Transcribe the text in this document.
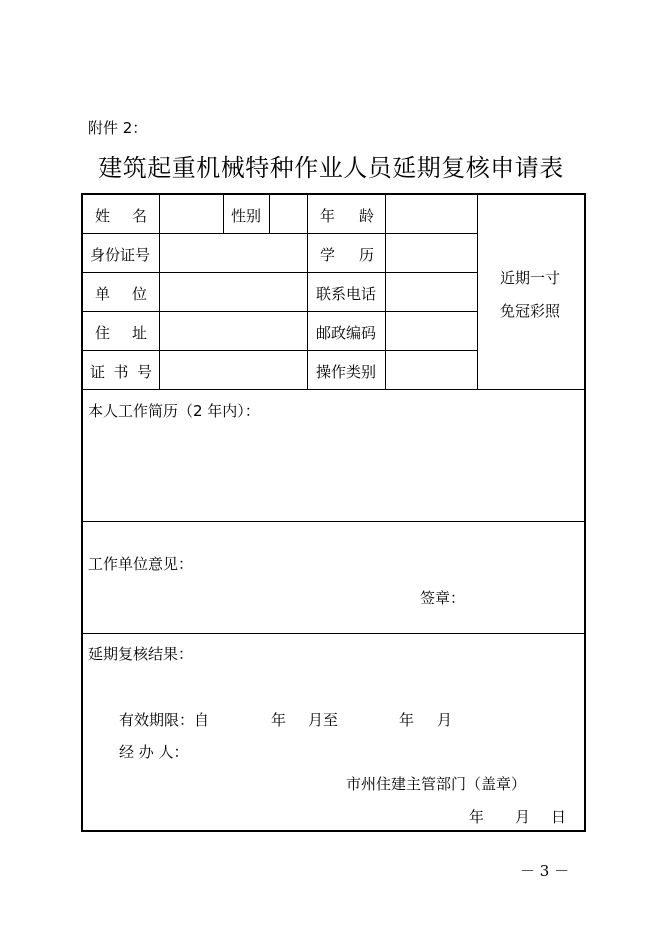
附件 2：
建筑起重机械特种作业人员延期复核申请表
姓 名	性别	年 龄
身份证号	学 历
单 位	联系电话
住 址	邮政编码
证 书 号	操作类别
近期一寸
免冠彩照
本人工作简历（2 年内）：
工作单位意见：
签章：
延期复核结果：
有效期限：自	年 月至	年 月
经 办 人：
市州住建主管部门（盖章）
年 月 日
－ 3 －
